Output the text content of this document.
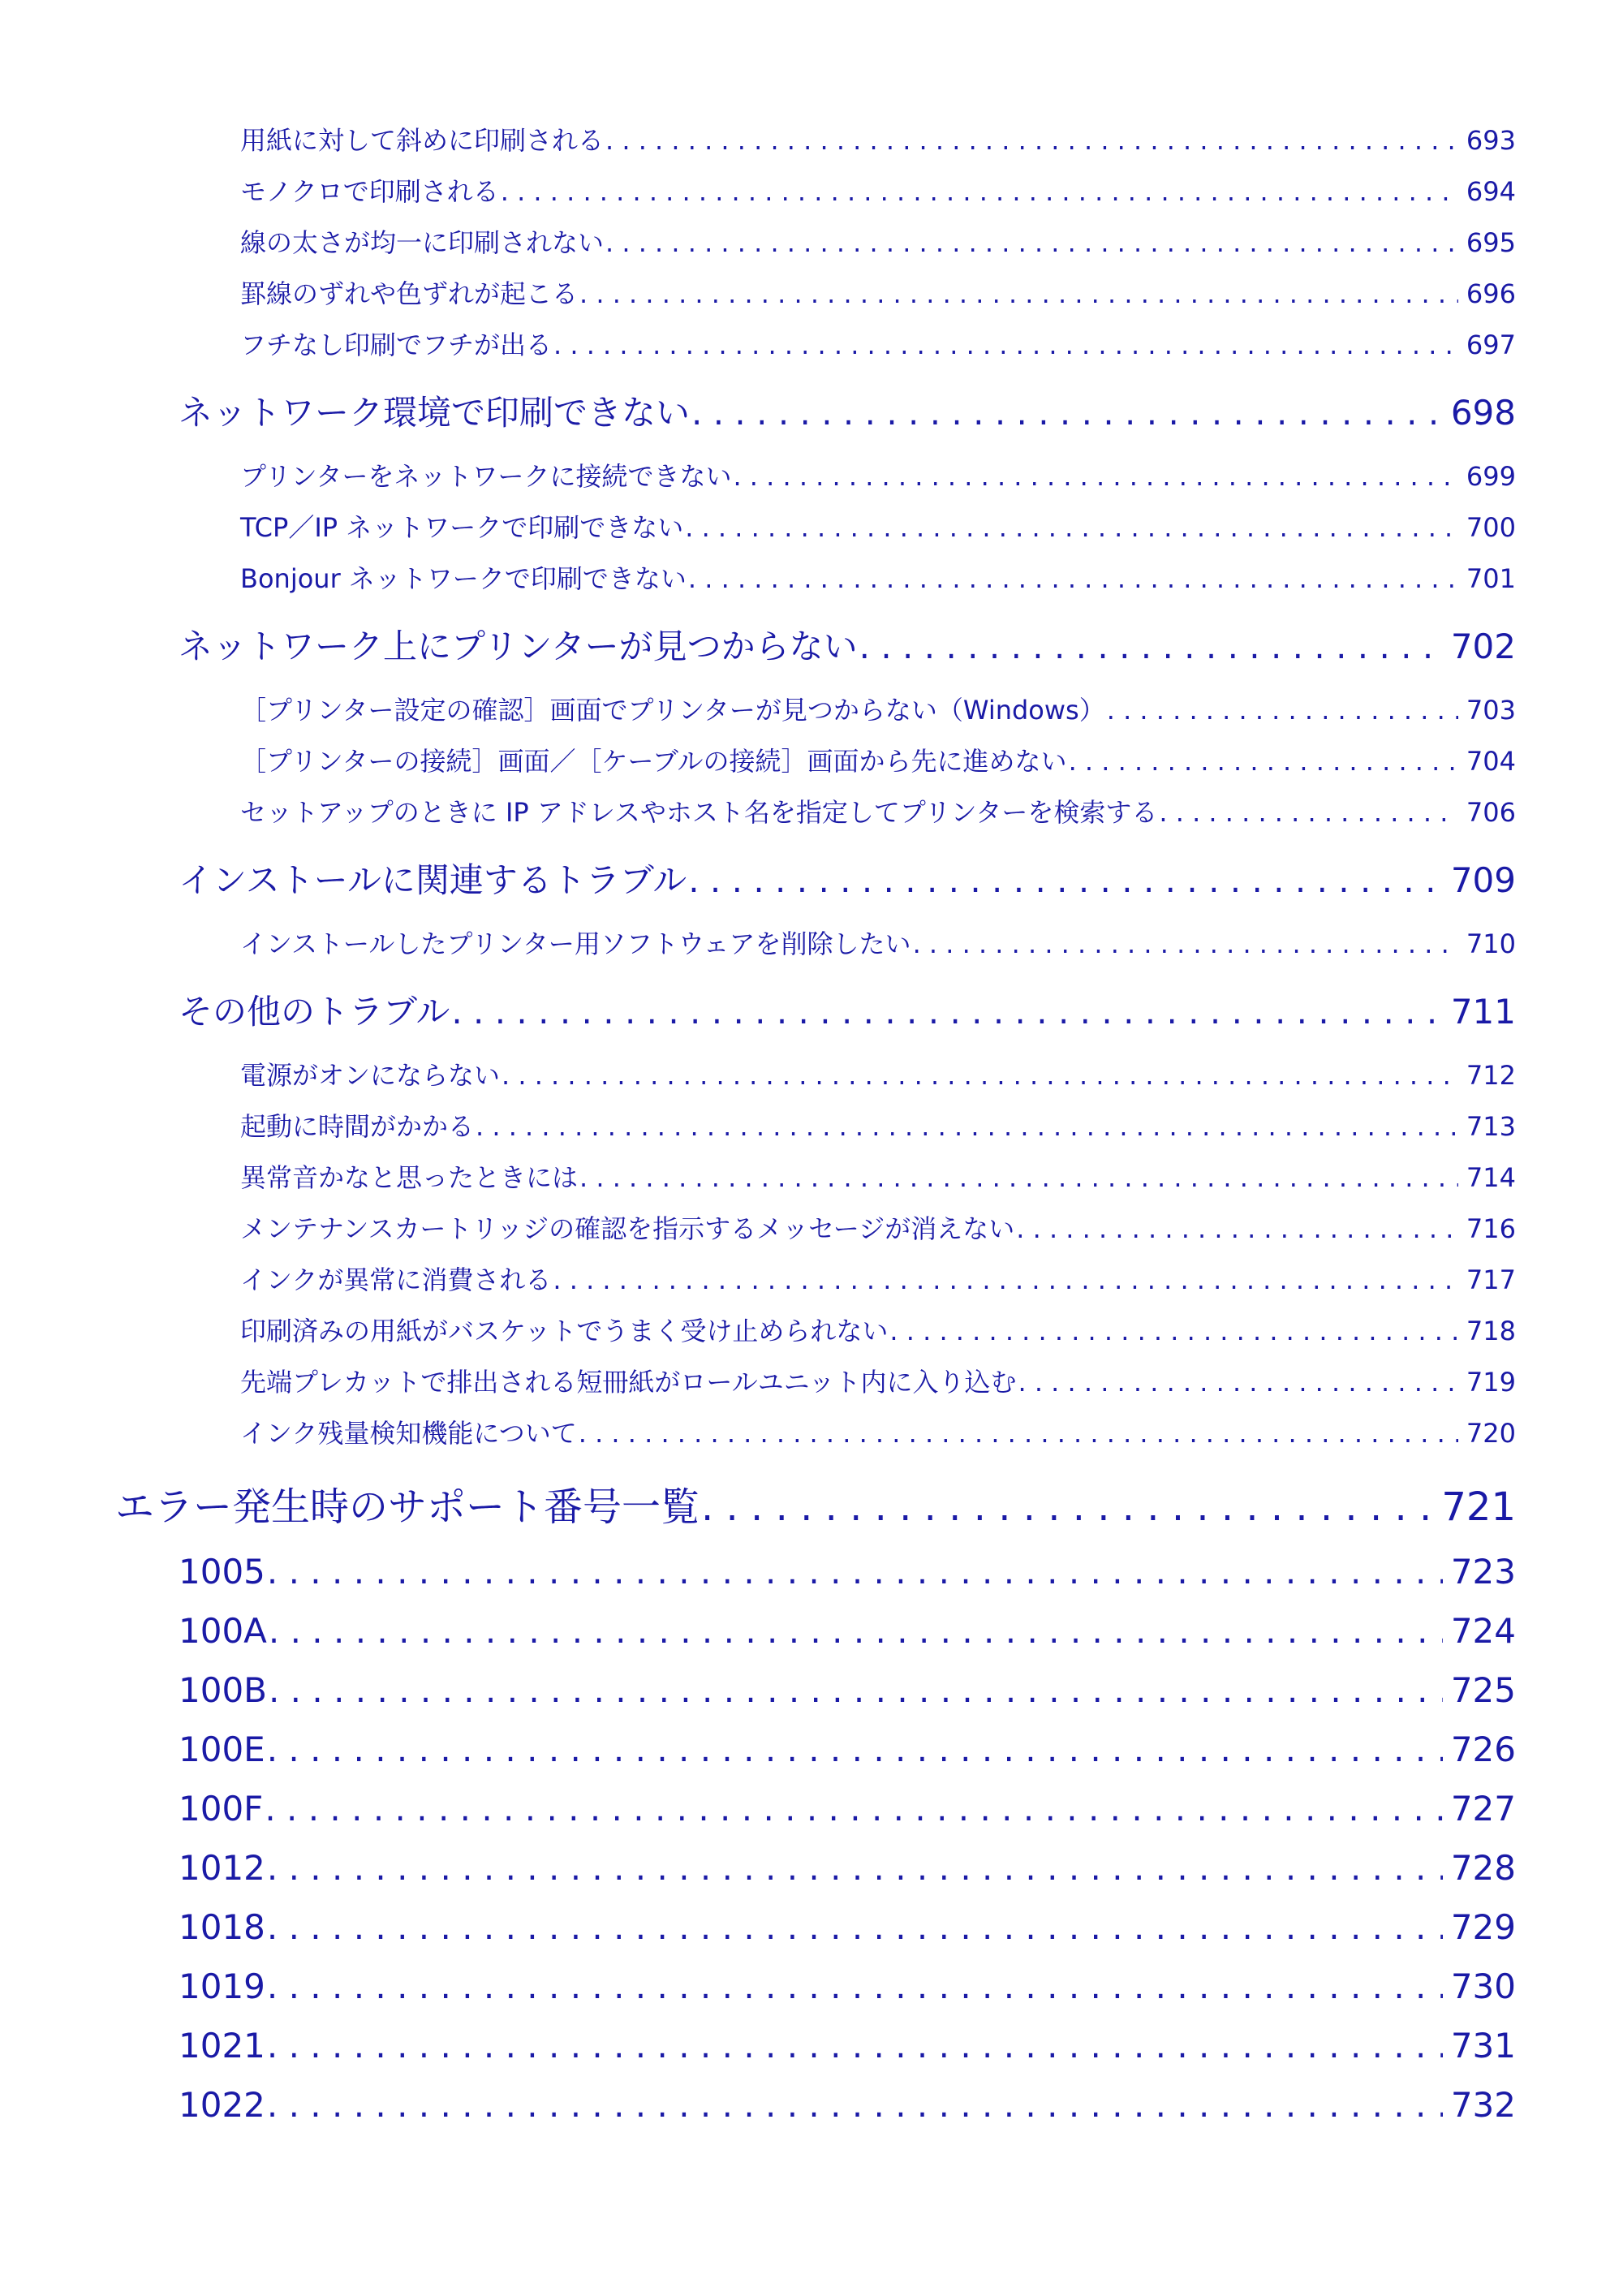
用紙に対して斜めに印刷される . . .	693
モノクロで印刷される . . .	694
線の太さが均一に印刷されない . . .	695
罫線のずれや色ずれが起こる . . .	696
フチなし印刷でフチが出る . . .	697
ネットワーク環境で印刷できない . . .	698
プリンターをネットワークに接続できない . . .	699
TCP／IP ネットワークで印刷できない . . .	700
Bonjour ネットワークで印刷できない . . .	701
ネットワーク上にプリンターが見つからない . . .	702
［プリンター設定の確認］画面でプリンターが見つからない（Windows） . . .	703
［プリンターの接続］画面／［ケーブルの接続］画面から先に進めない . . .	704
セットアップのときに IP アドレスやホスト名を指定してプリンターを検索する . . .	706
インストールに関連するトラブル . . .	709
インストールしたプリンター用ソフトウェアを削除したい . . .	710
その他のトラブル . . .	711
電源がオンにならない . . .	712
起動に時間がかかる . . .	713
異常音かなと思ったときには . . .	714
メンテナンスカートリッジの確認を指示するメッセージが消えない . . .	716
インクが異常に消費される . . .	717
印刷済みの用紙がバスケットでうまく受け止められない . . .	718
先端プレカットで排出される短冊紙がロールユニット内に入り込む . . .	719
インク残量検知機能について . . .	720
エラー発生時のサポート番号一覧 . . .	721
1005 . . .	723
100A . . .	724
100B . . .	725
100E . . .	726
100F . . .	727
1012 . . .	728
1018 . . .	729
1019 . . .	730
1021 . . .	731
1022 . . .	732
